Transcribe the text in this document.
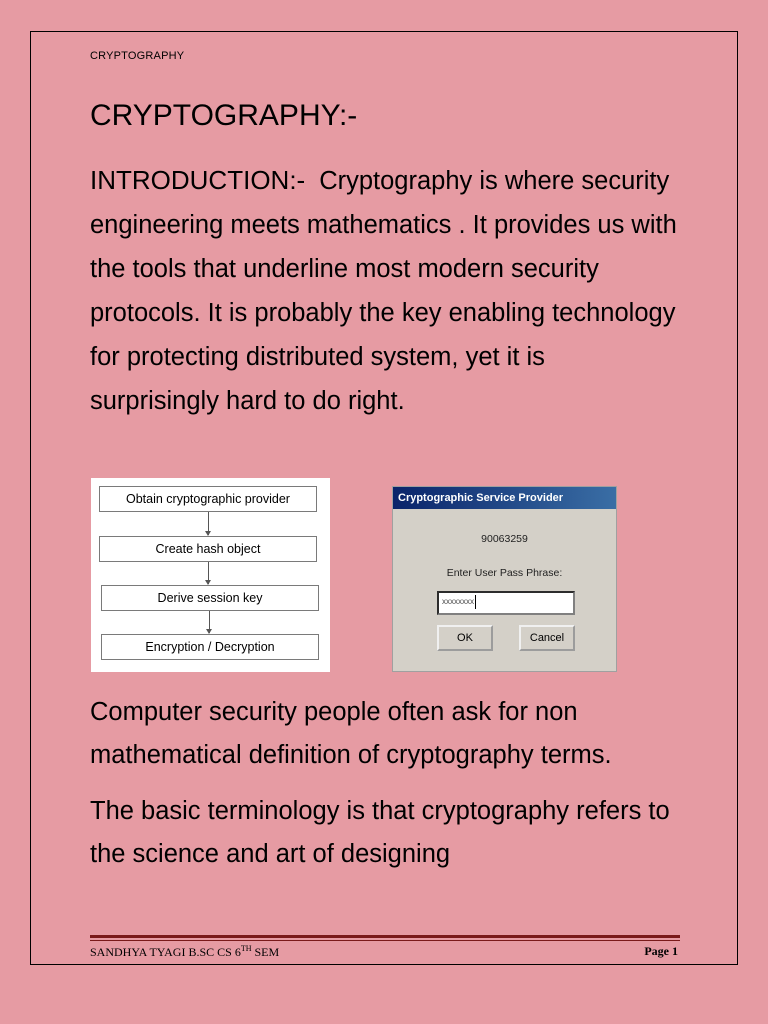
CRYPTOGRAPHY
CRYPTOGRAPHY:-
INTRODUCTION:- Cryptography is where security engineering meets mathematics . It provides us with the tools that underline most modern security protocols. It is probably the key enabling technology for protecting distributed system, yet it is surprisingly hard to do right.
Obtain cryptographic provider
Create hash object
Derive session key
Encryption / Decryption
Cryptographic Service Provider
90063259
Enter User Pass Phrase:
xxxxxxxx
OK	Cancel
Computer security people often ask for non mathematical definition of cryptography terms.
The basic terminology is that cryptography refers to the science and art of designing
SANDHYA TYAGI B.SC CS 6TH SEM	Page 1
